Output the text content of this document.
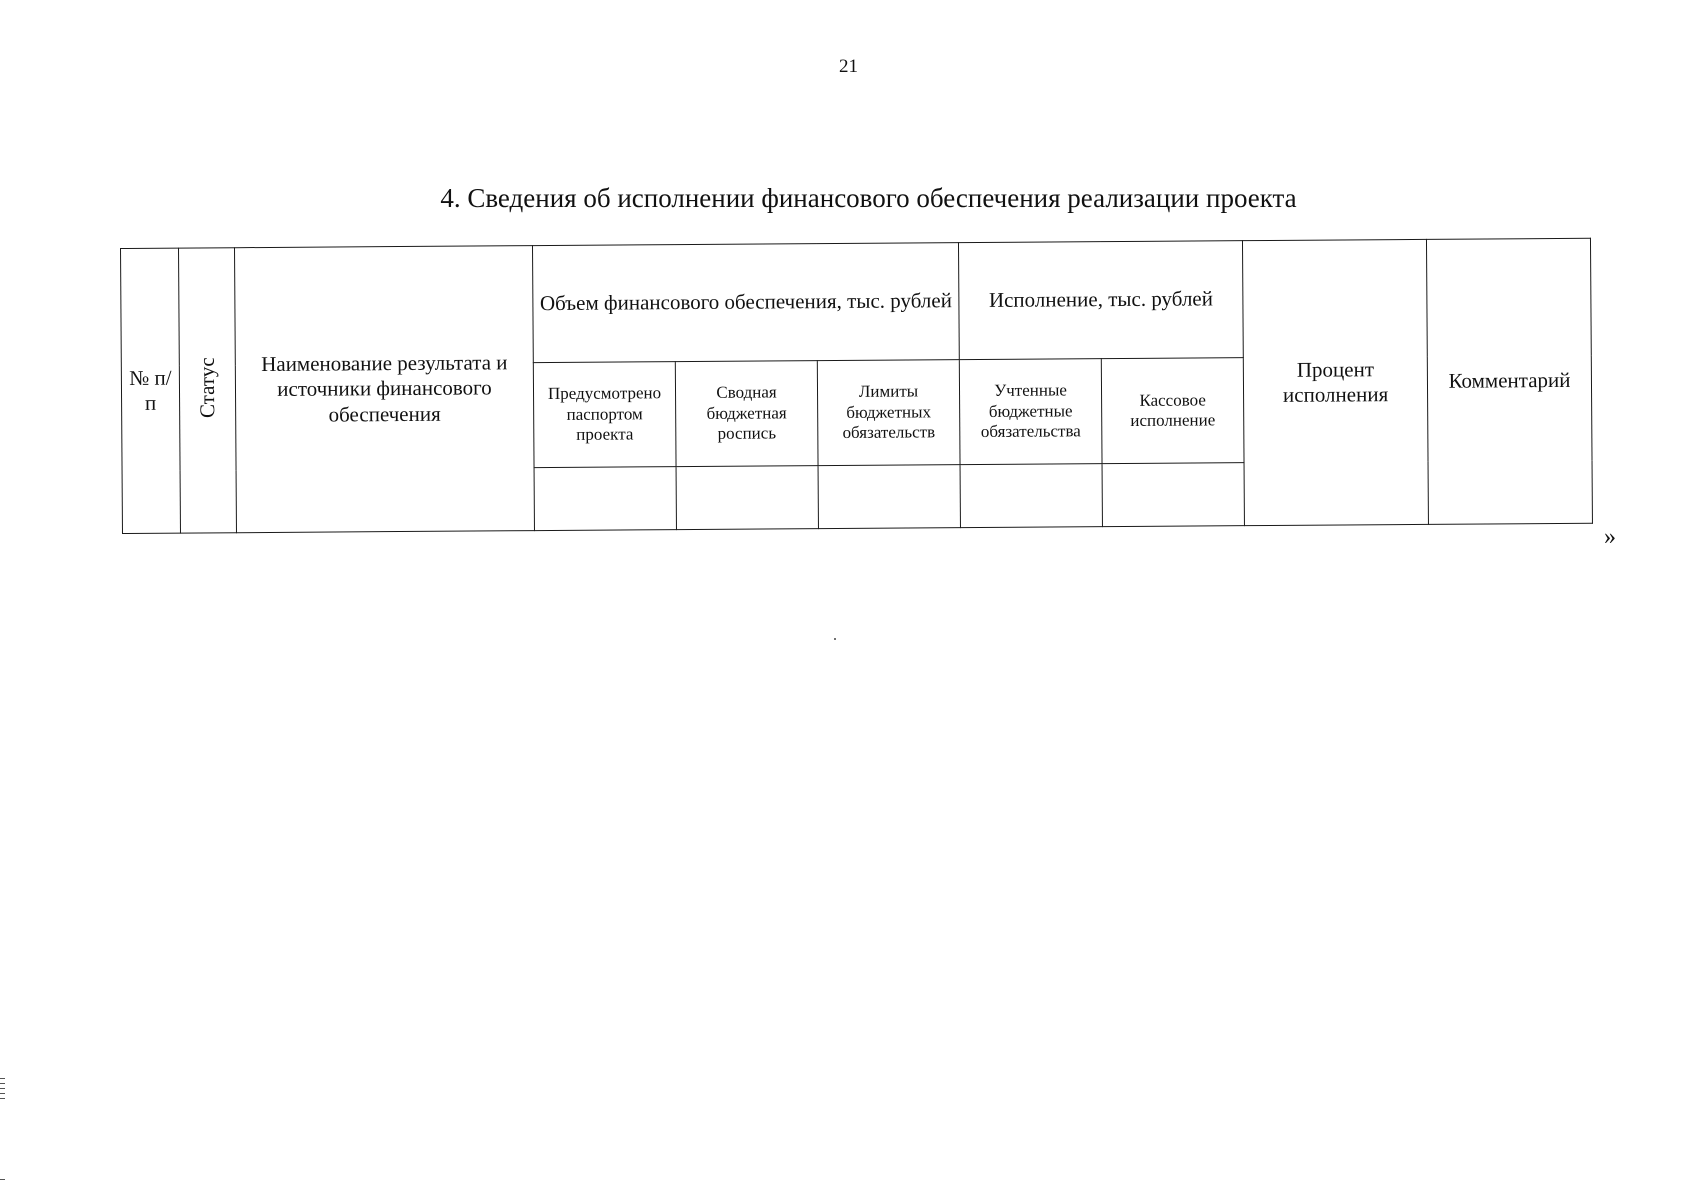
21
4. Сведения об исполнении финансового обеспечения реализации проекта
№ п/п	Статус	Наименование результата и источники финансового обеспечения	Объем финансового обеспечения, тыс. рублей			Исполнение, тыс. рублей		Процент исполнения	Комментарий
			Предусмотрено паспортом проекта	Сводная бюджетная роспись	Лимиты бюджетных обязательств	Учтенные бюджетные обязательства	Кассовое исполнение		

»
